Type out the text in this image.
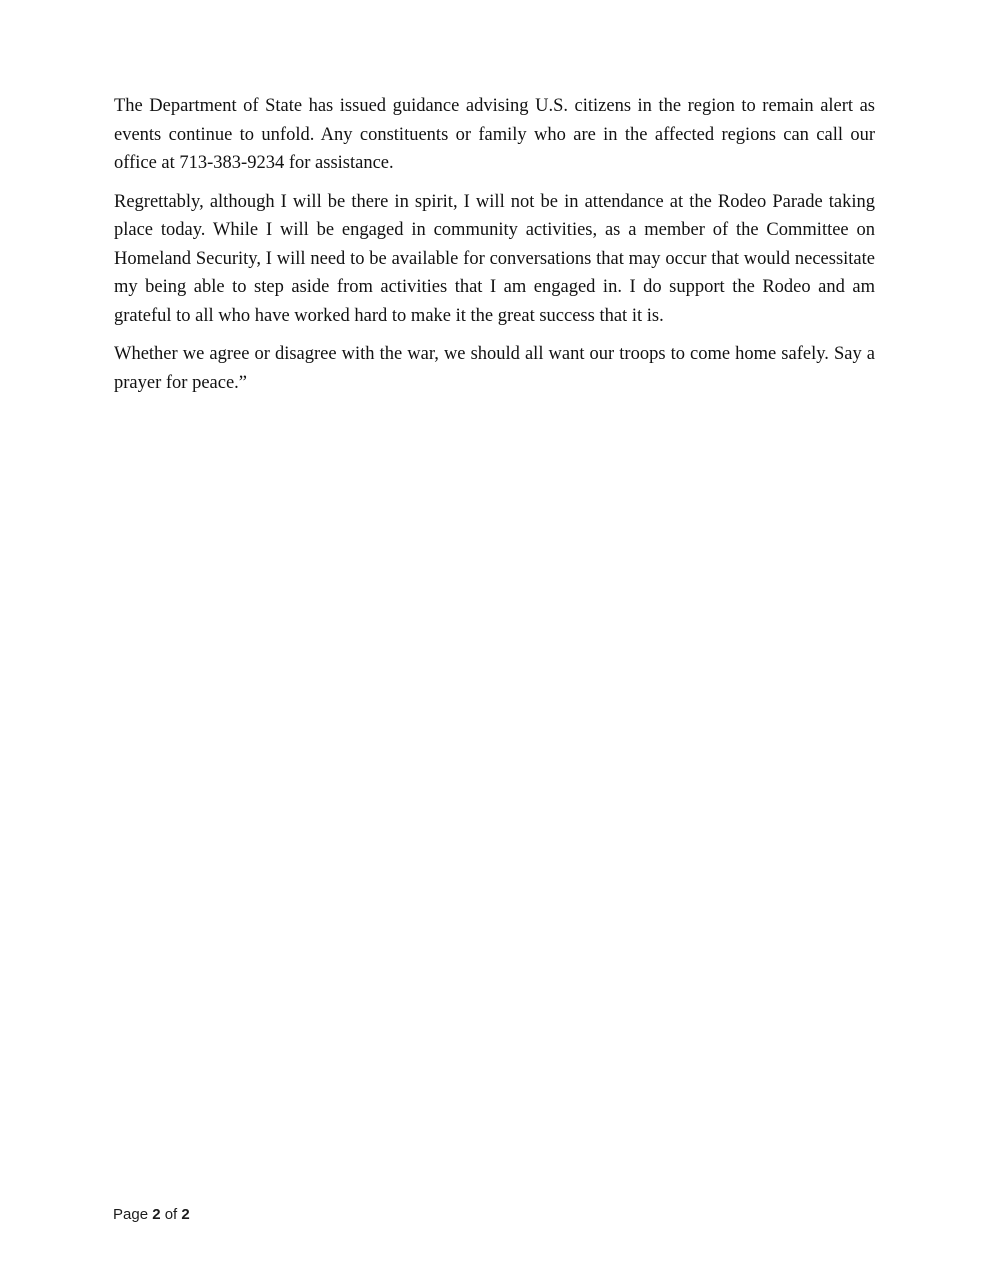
The Department of State has issued guidance advising U.S. citizens in the region to remain alert as events continue to unfold. Any constituents or family who are in the affected regions can call our office at 713-383-9234 for assistance.

Regrettably, although I will be there in spirit, I will not be in attendance at the Rodeo Parade taking place today. While I will be engaged in community activities, as a member of the Committee on Homeland Security, I will need to be available for conversations that may occur that would necessitate my being able to step aside from activities that I am engaged in. I do support the Rodeo and am grateful to all who have worked hard to make it the great success that it is.

Whether we agree or disagree with the war, we should all want our troops to come home safely. Say a prayer for peace.”

Page 2 of 2
